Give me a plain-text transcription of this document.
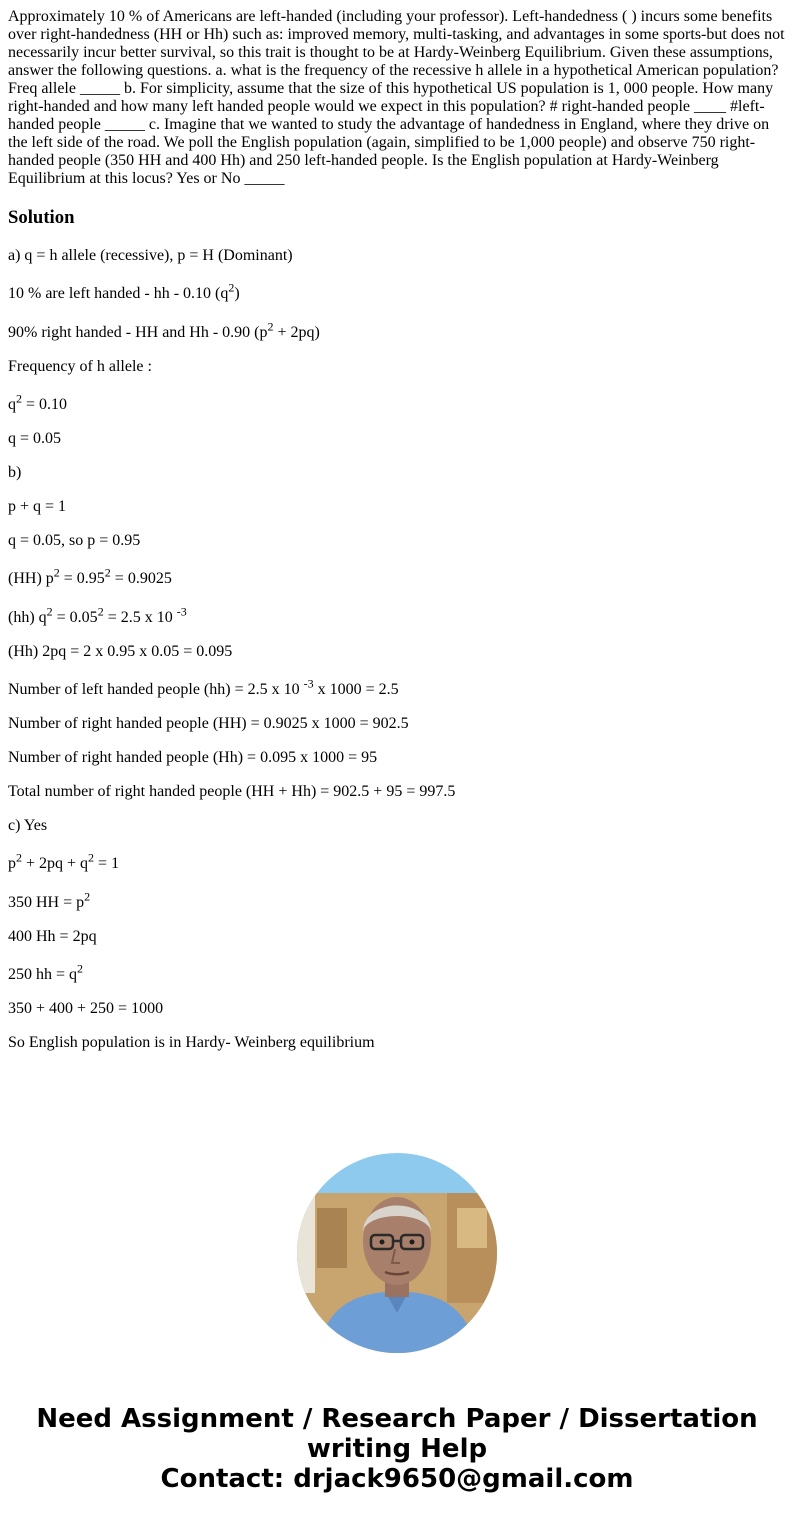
Approximately 10 % of Americans are left-handed (including your professor). Left-handedness ( ) incurs some benefits over right-handedness (HH or Hh) such as: improved memory, multi-tasking, and advantages in some sports-but does not necessarily incur better survival, so this trait is thought to be at Hardy-Weinberg Equilibrium. Given these assumptions, answer the following questions. a. what is the frequency of the recessive h allele in a hypothetical American population? Freq allele _____ b. For simplicity, assume that the size of this hypothetical US population is 1, 000 people. How many right-handed and how many left handed people would we expect in this population? # right-handed people ____ #left-handed people _____ c. Imagine that we wanted to study the advantage of handedness in England, where they drive on the left side of the road. We poll the English population (again, simplified to be 1,000 people) and observe 750 right-handed people (350 HH and 400 Hh) and 250 left-handed people. Is the English population at Hardy-Weinberg Equilibrium at this locus? Yes or No _____

Solution

a) q = h allele (recessive), p = H (Dominant)

10 % are left handed - hh - 0.10 $(q^2)$

90% right handed - HH and Hh - 0.90 $(p^2 + 2pq)$

Frequency of h allele :

$q^2 = 0.10$

q = 0.05

b)

p + q = 1

q = 0.05, so p = 0.95

(HH) $p^2 = 0.95^2 = 0.9025$

(hh) $q^2 = 0.05^2 = 2.5$ x 10 $^{-3}$

(Hh) 2pq = 2 x 0.95 x 0.05 = 0.095

Number of left handed people (hh) = 2.5 x 10 $^{-3}$ x 1000 = 2.5

Number of right handed people (HH) = 0.9025 x 1000 = 902.5

Number of right handed people (Hh) = 0.095 x 1000 = 95

Total number of right handed people (HH + Hh) = 902.5 + 95 = 997.5

c) Yes

$p^2 + 2pq + q^2 = 1$

350 HH = $p^2$

400 Hh = 2pq

250 hh = $q^2$

350 + 400 + 250 = 1000

So English population is in Hardy- Weinberg equilibrium

Need Assignment / Research Paper / Dissertation
writing Help
Contact: drjack9650@gmail.com
